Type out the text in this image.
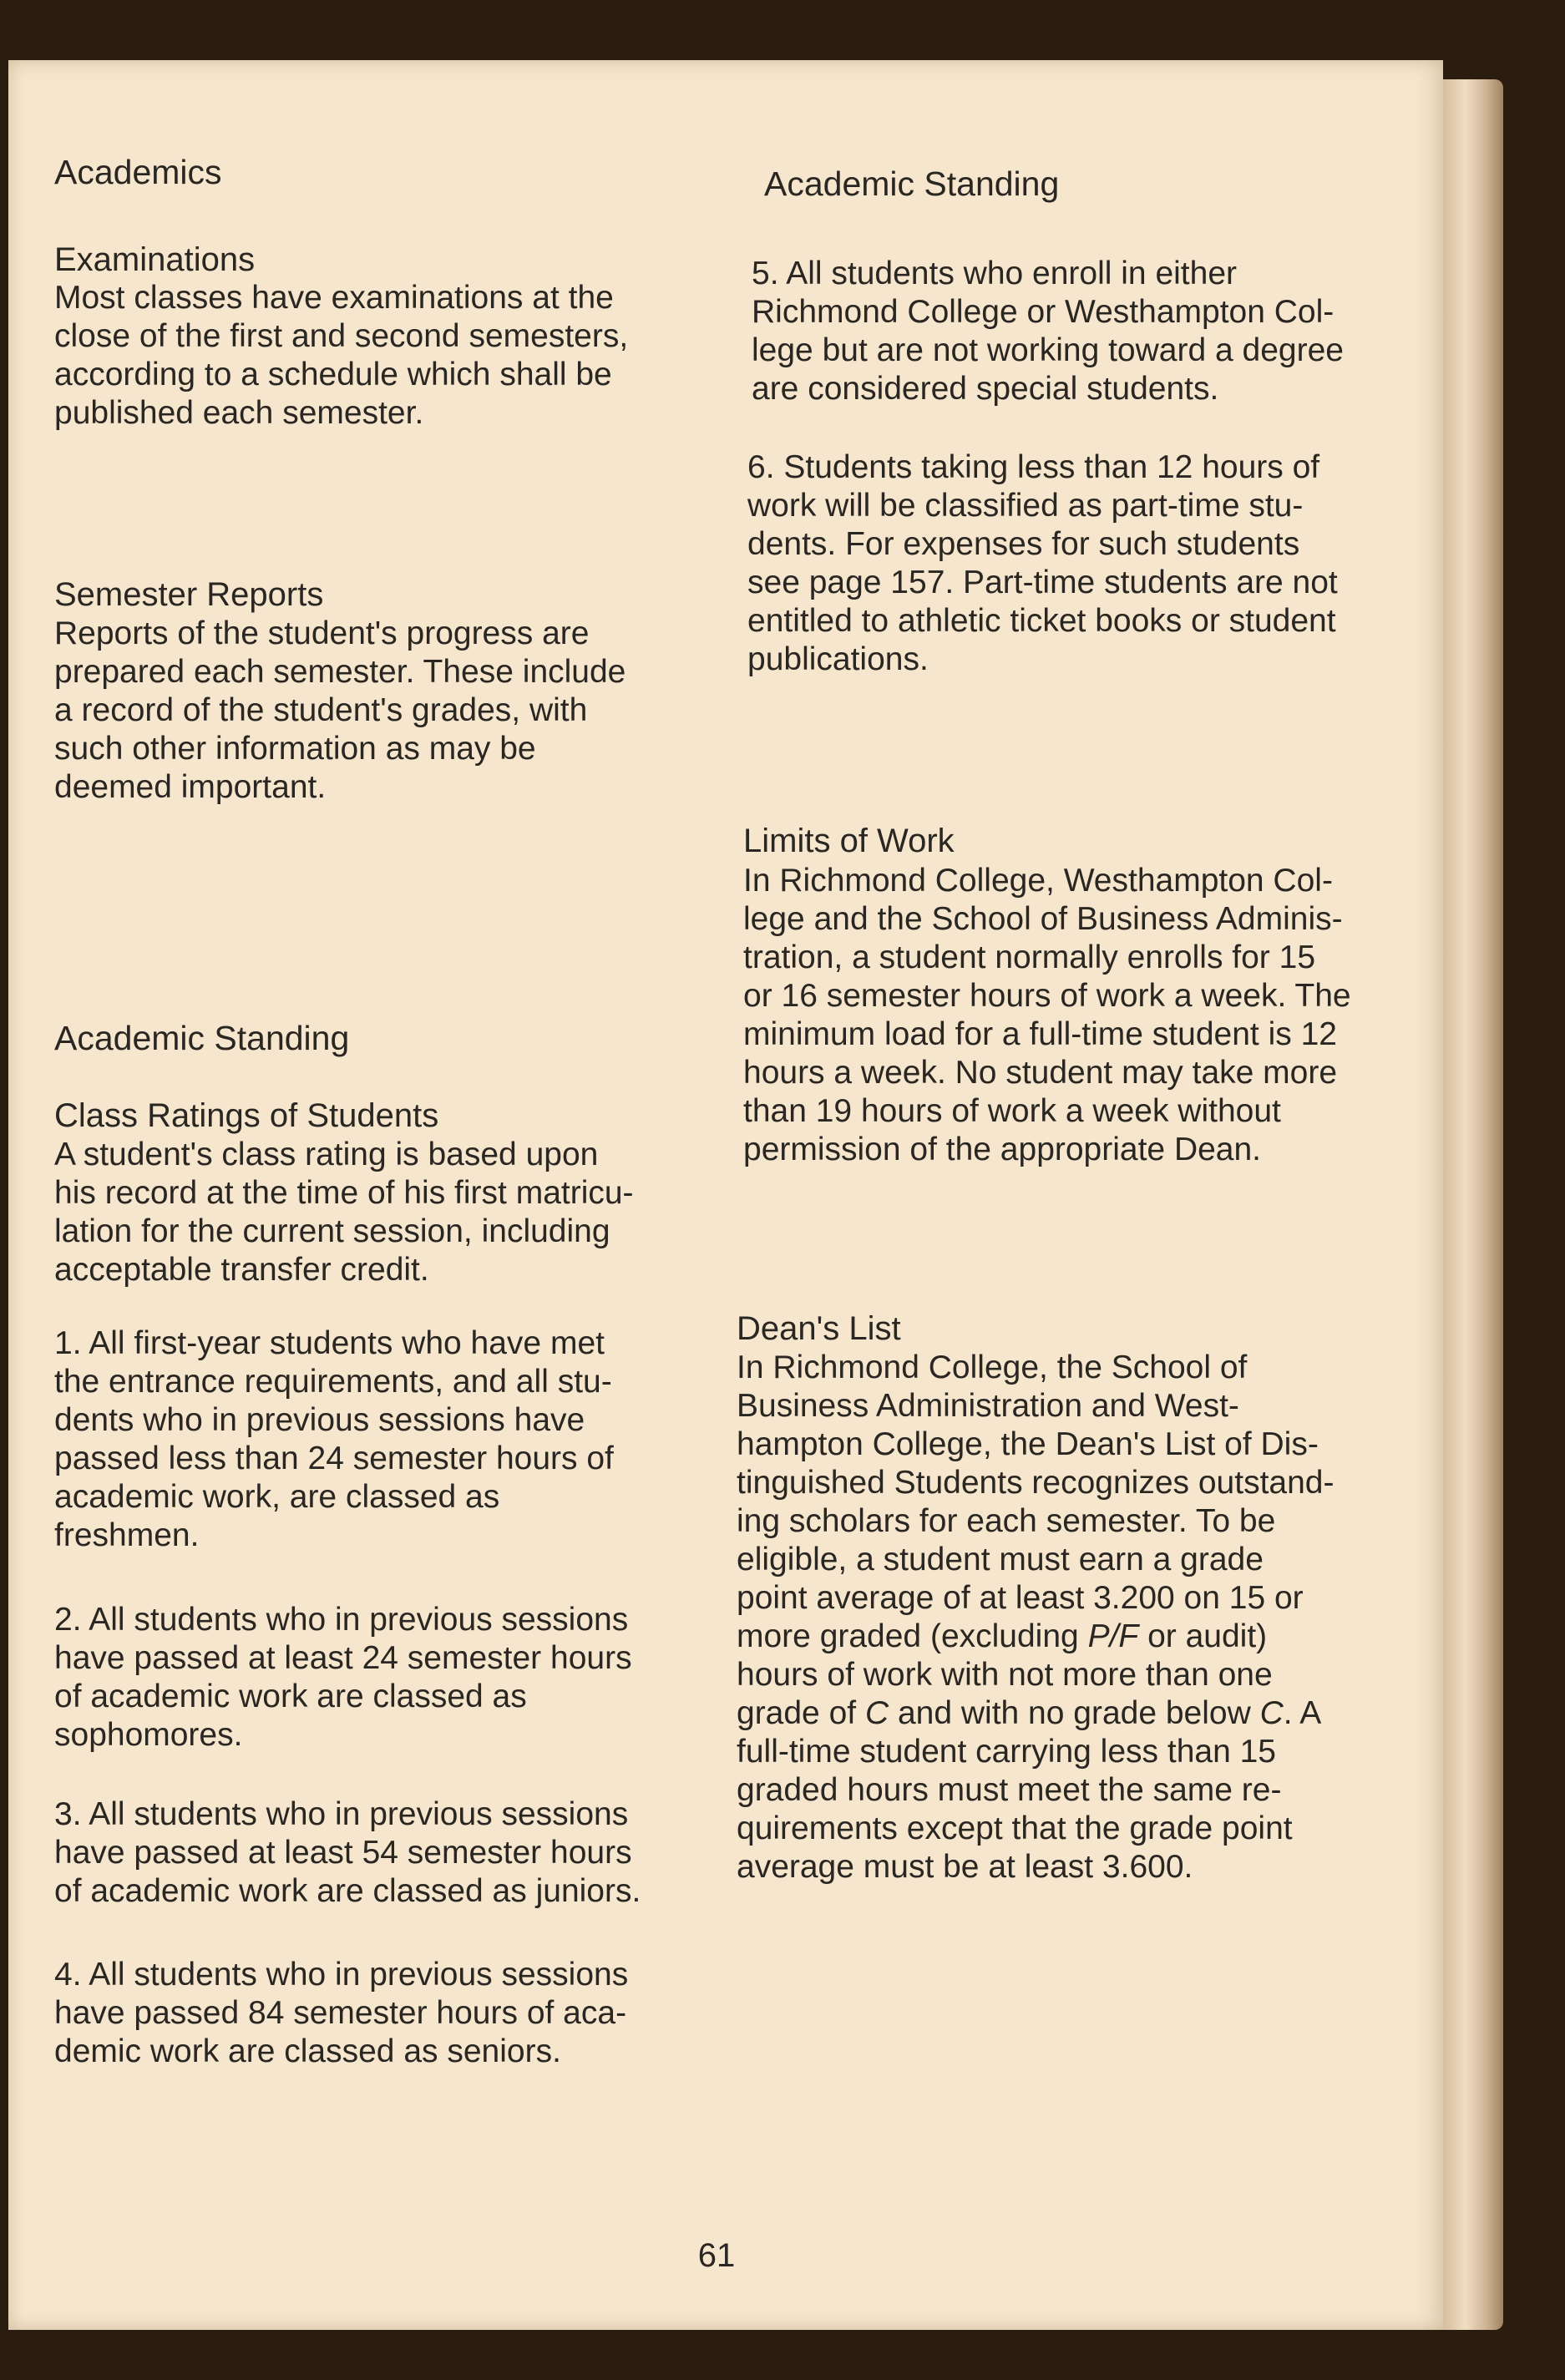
Academics

Examinations

Most classes have examinations at the

close of the first and second semesters,

according to a schedule which shall be

published each semester.

Semester Reports

Reports of the student's progress are

prepared each semester. These include

a record of the student's grades, with

such other information as may be

deemed important.

Academic Standing

Class Ratings of Students

A student's class rating is based upon

his record at the time of his first matricu-

lation for the current session, including

acceptable transfer credit.

1. All first-year students who have met

the entrance requirements, and all stu-

dents who in previous sessions have

passed less than 24 semester hours of

academic work, are classed as

freshmen.

2. All students who in previous sessions

have passed at least 24 semester hours

of academic work are classed as

sophomores.

3. All students who in previous sessions

have passed at least 54 semester hours

of academic work are classed as juniors.

4. All students who in previous sessions

have passed 84 semester hours of aca-

demic work are classed as seniors.

Academic Standing

5. All students who enroll in either

Richmond College or Westhampton Col-

lege but are not working toward a degree

are considered special students.

6. Students taking less than 12 hours of

work will be classified as part-time stu-

dents. For expenses for such students

see page 157. Part-time students are not

entitled to athletic ticket books or student

publications.

Limits of Work

In Richmond College, Westhampton Col-

lege and the School of Business Adminis-

tration, a student normally enrolls for 15

or 16 semester hours of work a week. The

minimum load for a full-time student is 12

hours a week. No student may take more

than 19 hours of work a week without

permission of the appropriate Dean.

Dean's List

In Richmond College, the School of

Business Administration and West-

hampton College, the Dean's List of Dis-

tinguished Students recognizes outstand-

ing scholars for each semester. To be

eligible, a student must earn a grade

point average of at least 3.200 on 15 or

more graded (excluding P/F or audit)

hours of work with not more than one

grade of C and with no grade below C. A

full-time student carrying less than 15

graded hours must meet the same re-

quirements except that the grade point

average must be at least 3.600.

61
